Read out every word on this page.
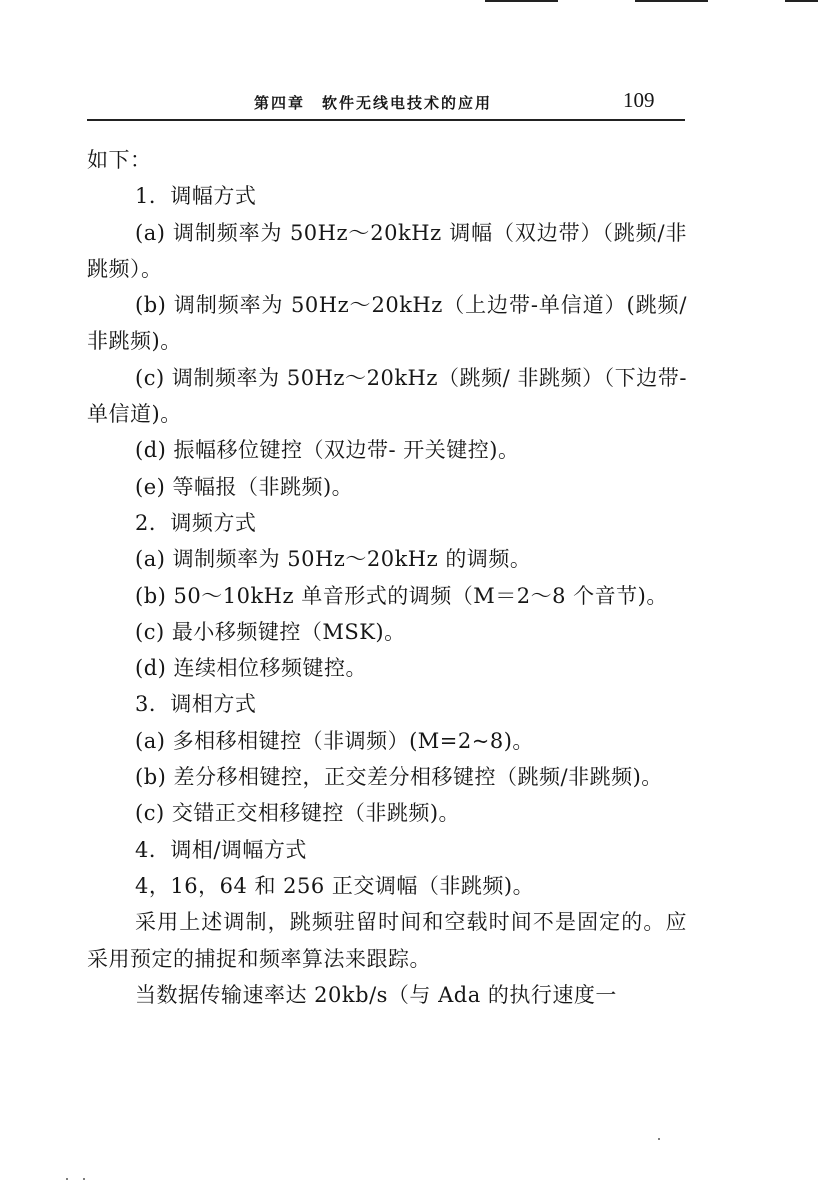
第四章　软件无线电技术的应用	109

如下：

1．调幅方式

(a) 调制频率为 50Hz～20kHz 调幅（双边带）（跳频/非跳频）。

(b) 调制频率为 50Hz～20kHz（上边带-单信道）(跳频/非跳频)。

(c) 调制频率为 50Hz～20kHz（跳频/ 非跳频）（下边带-单信道)。

(d) 振幅移位键控（双边带- 开关键控)。

(e) 等幅报（非跳频)。

2．调频方式

(a) 调制频率为 50Hz～20kHz 的调频。

(b) 50～10kHz 单音形式的调频（M＝2～8 个音节)。

(c) 最小移频键控（MSK)。

(d) 连续相位移频键控。

3．调相方式

(a) 多相移相键控（非调频）(M=2~8)。

(b) 差分移相键控，正交差分相移键控（跳频/非跳频)。

(c) 交错正交相移键控（非跳频)。

4．调相/调幅方式

4，16，64 和 256 正交调幅（非跳频)。

采用上述调制，跳频驻留时间和空载时间不是固定的。应采用预定的捕捉和频率算法来跟踪。

当数据传输速率达 20kb/s（与 Ada 的执行速度一
